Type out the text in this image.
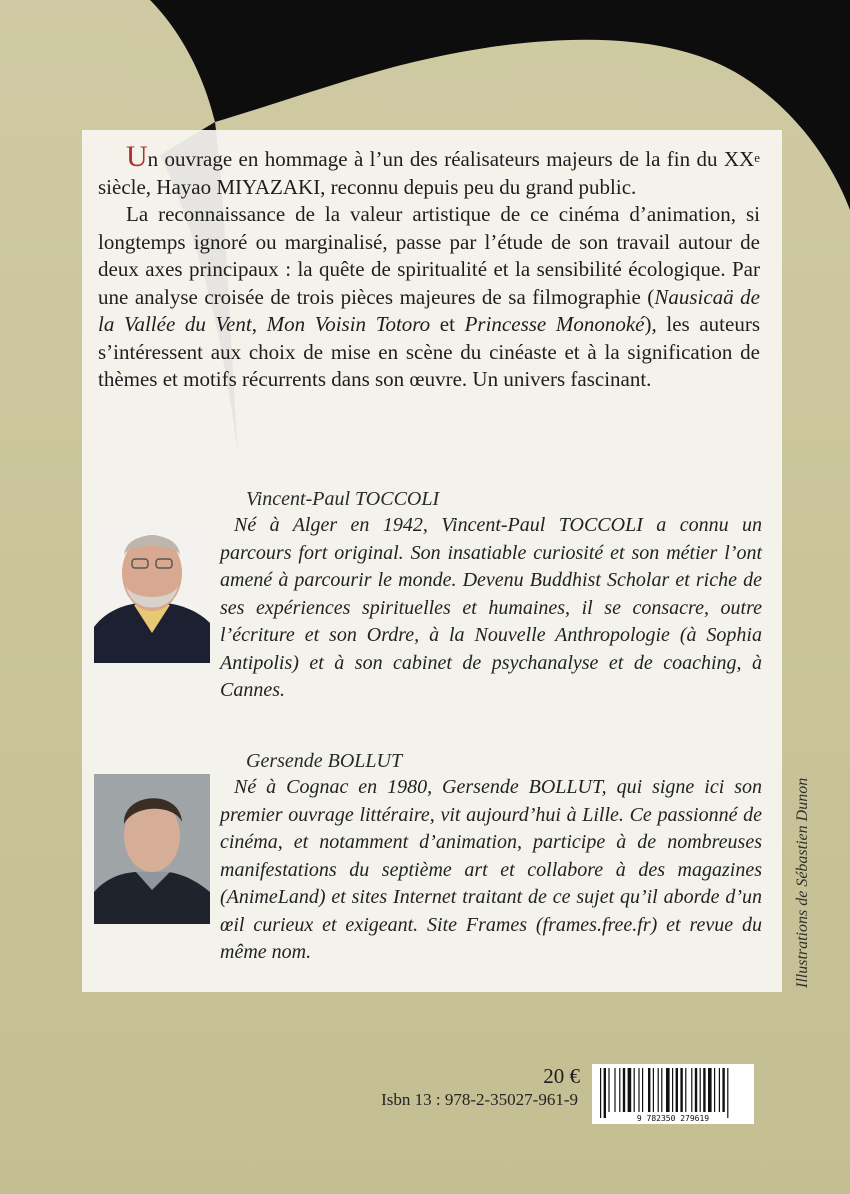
Un ouvrage en hommage à l’un des réalisateurs majeurs de la fin du XXe siècle, Hayao MIYAZAKI, reconnu depuis peu du grand public.

La reconnaissance de la valeur artistique de ce cinéma d’animation, si longtemps ignoré ou marginalisé, passe par l’étude de son travail autour de deux axes principaux : la quête de spiritualité et la sensibilité écologique. Par une analyse croisée de trois pièces majeures de sa filmographie (Nausicaä de la Vallée du Vent, Mon Voisin Totoro et Princesse Mononoké), les auteurs s’intéressent aux choix de mise en scène du cinéaste et à la signification de thèmes et motifs récurrents dans son œuvre. Un univers fascinant.

Vincent-Paul TOCCOLI
Né à Alger en 1942, Vincent-Paul TOCCOLI a connu un parcours fort original. Son insatiable curiosité et son métier l’ont amené à parcourir le monde. Devenu Buddhist Scholar et riche de ses expériences spirituelles et humaines, il se consacre, outre l’écriture et son Ordre, à la Nouvelle Anthropologie (à Sophia Antipolis) et à son cabinet de psychanalyse et de coaching, à Cannes.
Gersende BOLLUT
Né à Cognac en 1980, Gersende BOLLUT, qui signe ici son premier ouvrage littéraire, vit aujourd’hui à Lille. Ce passionné de cinéma, et notamment d’animation, participe à de nombreuses manifestations du septième art et collabore à des magazines (AnimeLand) et sites Internet traitant de ce sujet qu’il aborde d’un œil curieux et exigeant. Site Frames (frames.free.fr) et revue du même nom.	Illustrations de Sébastien Dunon
20 €
Isbn 13 : 978-2-35027-961-9
9 782350 279619
